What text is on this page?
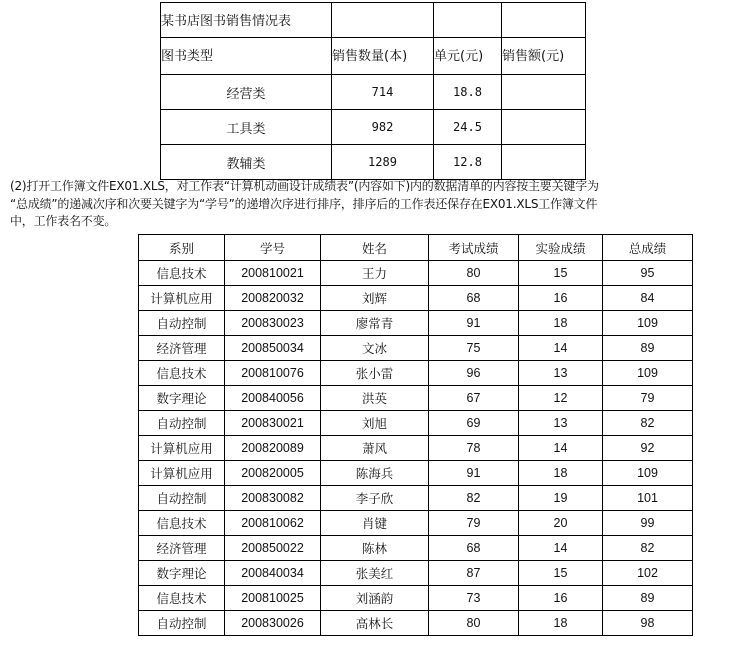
某书店图书销售情况表			
图书类型	销售数量(本)	单元(元)	销售额(元)
经营类	714	18.8	
工具类	982	24.5	
教辅类	1289	12.8	
(2)打开工作簿文件EX01.XLS，对工作表“计算机动画设计成绩表”(内容如下)内的数据清单的内容按主要关键字为
“总成绩”的递减次序和次要关键字为“学号”的递增次序进行排序，排序后的工作表还保存在EX01.XLS工作簿文件
中，工作表名不变。
系别	学号	姓名	考试成绩	实验成绩	总成绩
信息技术	200810021	王力	80	15	95
计算机应用	200820032	刘辉	68	16	84
自动控制	200830023	廖常青	91	18	109
经济管理	200850034	文冰	75	14	89
信息技术	200810076	张小雷	96	13	109
数字理论	200840056	洪英	67	12	79
自动控制	200830021	刘旭	69	13	82
计算机应用	200820089	萧风	78	14	92
计算机应用	200820005	陈海兵	91	18	109
自动控制	200830082	李子欣	82	19	101
信息技术	200810062	肖键	79	20	99
经济管理	200850022	陈林	68	14	82
数字理论	200840034	张美红	87	15	102
信息技术	200810025	刘涵韵	73	16	89
自动控制	200830026	高林长	80	18	98
